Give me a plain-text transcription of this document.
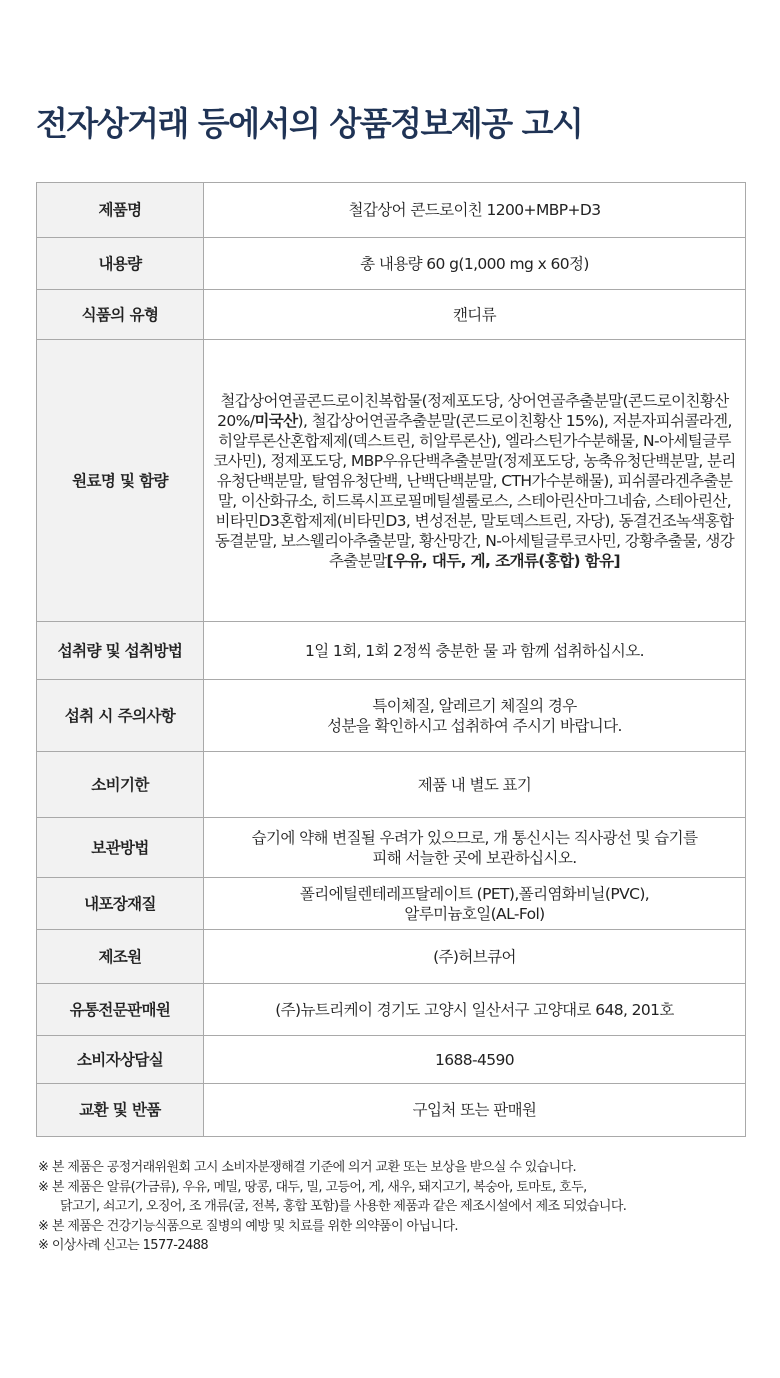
전자상거래 등에서의 상품정보제공 고시
제품명	철갑상어 콘드로이친 1200+MBP+D3
내용량	총 내용량 60 g(1,000 mg x 60정)
식품의 유형	캔디류
원료명 및 함량	철갑상어연골콘드로이친복합물(정제포도당, 상어연골추출분말(콘드로이친황산 20%/미국산), 철갑상어연골추출분말(콘드로이친황산 15%), 저분자피쉬콜라겐, 히알루론산혼합제제(덱스트린, 히알루론산), 엘라스틴가수분해물, N-아세틸글루코사민), 정제포도당, MBP우유단백추출분말(정제포도당, 농축유청단백분말, 분리유청단백분말, 탈염유청단백, 난백단백분말, CTH가수분해물), 피쉬콜라겐추출분말, 이산화규소, 히드록시프로필메틸셀룰로스, 스테아린산마그네슘, 스테아린산, 비타민D3혼합제제(비타민D3, 변성전분, 말토덱스트린, 자당), 동결건조녹색홍합동결분말, 보스웰리아추출분말, 황산망간, N-아세틸글루코사민, 강황추출물, 생강추출분말[우유, 대두, 게, 조개류(홍합) 함유]
섭취량 및 섭취방법	1일 1회, 1회 2정씩 충분한 물 과 함께 섭취하십시오.
섭취 시 주의사항	특이체질, 알레르기 체질의 경우
성분을 확인하시고 섭취하여 주시기 바랍니다.

소비기한	제품 내 별도 표기
보관방법	습기에 약해 변질될 우려가 있으므로, 개 통신시는 직사광선 및 습기를
피해 서늘한 곳에 보관하십시오.

내포장재질	폴리에틸렌테레프탈레이트 (PET),폴리염화비닐(PVC),
알루미늄호일(AL-Fol)

제조원	(주)허브큐어
유통전문판매원	(주)뉴트리케이 경기도 고양시 일산서구 고양대로 648, 201호
소비자상담실	1688-4590
교환 및 반품	구입처 또는 판매원
※ 본 제품은 공정거래위원회 고시 소비자분쟁해결 기준에 의거 교환 또는 보상을 받으실 수 있습니다.
※ 본 제품은 알류(가금류), 우유, 메밀, 땅콩, 대두, 밀, 고등어, 게, 새우, 돼지고기, 복숭아, 토마토, 호두,
닭고기, 쇠고기, 오징어, 조 개류(굴, 전복, 홍합 포함)를 사용한 제품과 같은 제조시설에서 제조 되었습니다.
※ 본 제품은 건강기능식품으로 질병의 예방 및 치료를 위한 의약품이 아닙니다.
※ 이상사례 신고는 1577-2488
